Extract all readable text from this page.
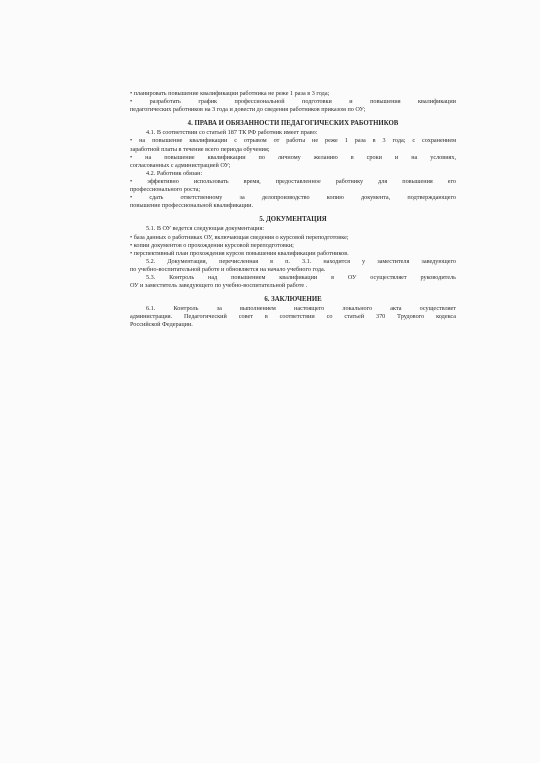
• планировать повышение квалификации работника не реже 1 раза в 3 года;
• разработать график профессиональной подготовки и повышения квалификации
педагогических работников на 3 года и довести до сведения работников приказом по ОУ;
4. ПРАВА И ОБЯЗАННОСТИ ПЕДАГОГИЧЕСКИХ РАБОТНИКОВ
4.1. В соответствии со статьей 187 ТК РФ работник имеет право:
• на повышение квалификации с отрывом от работы не реже 1 раза в 3 года; с сохранением
заработной платы в течение всего периода обучения;
• на повышение квалификации по личному желанию в сроки и на условиях,
согласованных с администрацией ОУ;
4.2. Работник обязан:
• эффективно использовать время, предоставленное работнику для повышения его
профессионального роста;
• сдать ответственному за делопроизводство копию документа, подтверждающего
повышение профессиональной квалификации.
5. ДОКУМЕНТАЦИЯ
5.1. В ОУ ведется следующая документация:
• база данных о работниках ОУ, включающая сведения о курсовой переподготовке;
• копии документов о прохождении курсовой переподготовки;
• перспективный план прохождения курсов повышения квалификации работников.
5.2. Документация, перечисленная в п. 3.1. находится у заместителя заведующего
по учебно-воспитательной работе и обновляется на начало учебного года.
5.3. Контроль над повышением квалификации в ОУ осуществляет руководитель
ОУ и заместитель заведующего по учебно-воспитательной работе .
6. ЗАКЛЮЧЕНИЕ
6.1. Контроль за выполнением настоящего локального акта осуществляет
администрация. Педагогический совет в соответствии со статьей 370 Трудового кодекса
Российской Федерации.
